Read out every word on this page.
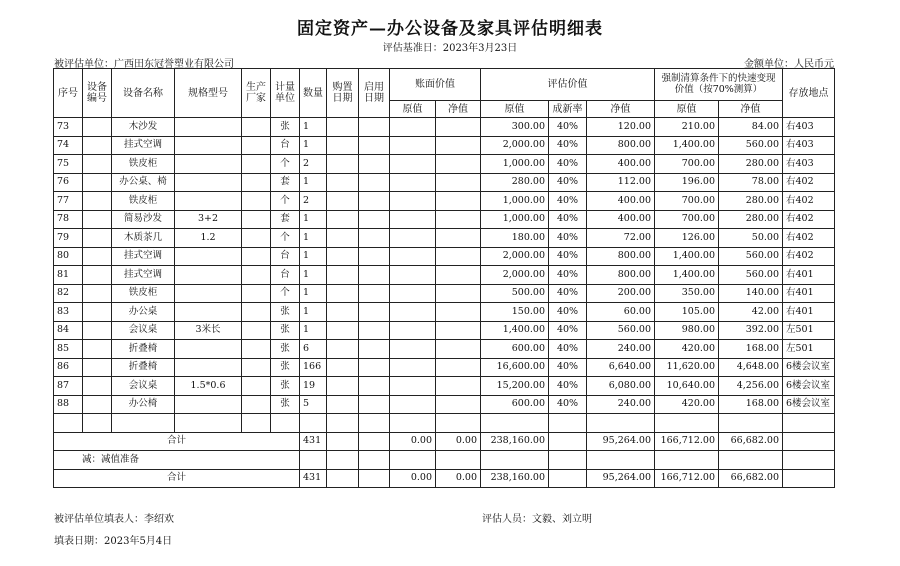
固定资产—办公设备及家具评估明细表
评估基准日：2023年3月23日
被评估单位：广西田东冠誉塑业有限公司	金额单位：人民币元
序号	设备编号	设备名称	规格型号	生产厂家	计量单位	数量	购置日期	启用日期	账面价值		评估价值			强制清算条件下的快速变现价值（按70%测算）		存放地点
									原值	净值	原值	成新率	净值	原值	净值	
73		木沙发			张	1					300.00	40%	120.00	210.00	84.00	右403
74		挂式空调			台	1					2,000.00	40%	800.00	1,400.00	560.00	右403
75		铁皮柜			个	2					1,000.00	40%	400.00	700.00	280.00	右403
76		办公桌、椅			套	1					280.00	40%	112.00	196.00	78.00	右402
77		铁皮柜			个	2					1,000.00	40%	400.00	700.00	280.00	右402
78		简易沙发	3+2		套	1					1,000.00	40%	400.00	700.00	280.00	右402
79		木质茶几	1.2		个	1					180.00	40%	72.00	126.00	50.00	右402
80		挂式空调			台	1					2,000.00	40%	800.00	1,400.00	560.00	右402
81		挂式空调			台	1					2,000.00	40%	800.00	1,400.00	560.00	右401
82		铁皮柜			个	1					500.00	40%	200.00	350.00	140.00	右401
83		办公桌			张	1					150.00	40%	60.00	105.00	42.00	右401
84		会议桌	3米长		张	1					1,400.00	40%	560.00	980.00	392.00	左501
85		折叠椅			张	6					600.00	40%	240.00	420.00	168.00	左501
86		折叠椅			张	166					16,600.00	40%	6,640.00	11,620.00	4,648.00	6楼会议室
87		会议桌	1.5*0.6		张	19					15,200.00	40%	6,080.00	10,640.00	4,256.00	6楼会议室
88		办公椅			张	5					600.00	40%	240.00	420.00	168.00	6楼会议室

合计						431			0.00	0.00	238,160.00		95,264.00	166,712.00	66,682.00	
减：减值准备																
合计						431			0.00	0.00	238,160.00		95,264.00	166,712.00	66,682.00	
被评估单位填表人：李绍欢	评估人员：文毅、刘立明
填表日期：2023年5月4日
